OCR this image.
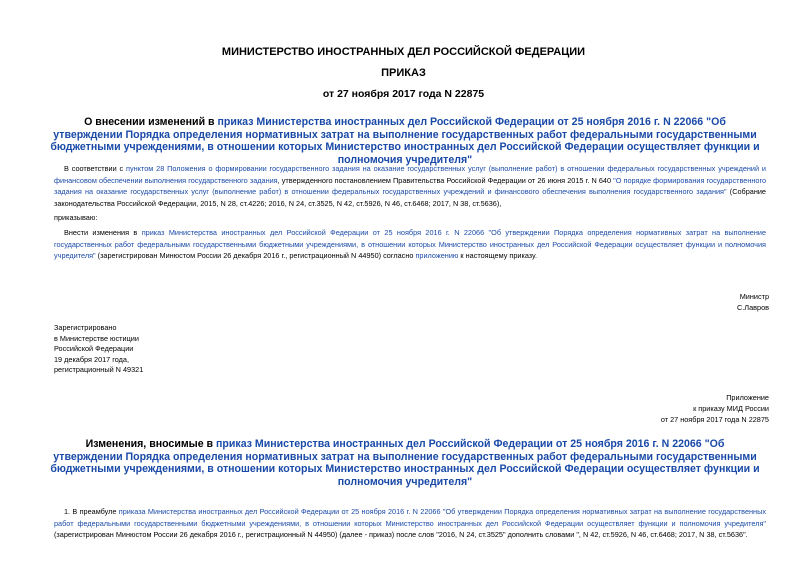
МИНИСТЕРСТВО ИНОСТРАННЫХ ДЕЛ РОССИЙСКОЙ ФЕДЕРАЦИИ
ПРИКАЗ
от 27 ноября 2017 года N 22875
О внесении изменений в приказ Министерства иностранных дел Российской Федерации от 25 ноября 2016 г. N 22066 "Об утверждении Порядка определения нормативных затрат на выполнение государственных работ федеральными государственными бюджетными учреждениями, в отношении которых Министерство иностранных дел Российской Федерации осуществляет функции и полномочия учредителя"
В соответствии с пунктом 28 Положения о формировании государственного задания на оказание государственных услуг (выполнение работ) в отношении федеральных государственных учреждений и финансовом обеспечении выполнения государственного задания, утвержденного постановлением Правительства Российской Федерации от 26 июня 2015 г. N 640 "О порядке формирования государственного задания на оказание государственных услуг (выполнение работ) в отношении федеральных государственных учреждений и финансового обеспечения выполнения государственного задания" (Собрание законодательства Российской Федерации, 2015, N 28, ст.4226; 2016, N 24, ст.3525, N 42, ст.5926, N 46, ст.6468; 2017, N 38, ст.5636),
приказываю:
Внести изменения в приказ Министерства иностранных дел Российской Федерации от 25 ноября 2016 г. N 22066 "Об утверждении Порядка определения нормативных затрат на выполнение государственных работ федеральными государственными бюджетными учреждениями, в отношении которых Министерство иностранных дел Российской Федерации осуществляет функции и полномочия учредителя" (зарегистрирован Минюстом России 26 декабря 2016 г., регистрационный N 44950) согласно приложению к настоящему приказу.
Министр
С.Лавров
Зарегистрировано
в Министерстве юстиции
Российской Федерации
19 декабря 2017 года,
регистрационный N 49321
Приложение
к приказу МИД России
от 27 ноября 2017 года N 22875
Изменения, вносимые в приказ Министерства иностранных дел Российской Федерации от 25 ноября 2016 г. N 22066 "Об утверждении Порядка определения нормативных затрат на выполнение государственных работ федеральными государственными бюджетными учреждениями, в отношении которых Министерство иностранных дел Российской Федерации осуществляет функции и полномочия учредителя"
1. В преамбуле приказа Министерства иностранных дел Российской Федерации от 25 ноября 2016 г. N 22066 "Об утверждении Порядка определения нормативных затрат на выполнение государственных работ федеральными государственными бюджетными учреждениями, в отношении которых Министерство иностранных дел Российской Федерации осуществляет функции и полномочия учредителя" (зарегистрирован Минюстом России 26 декабря 2016 г., регистрационный N 44950) (далее - приказ) после слов "2016, N 24, ст.3525" дополнить словами ", N 42, ст.5926, N 46, ст.6468; 2017, N 38, ст.5636".
